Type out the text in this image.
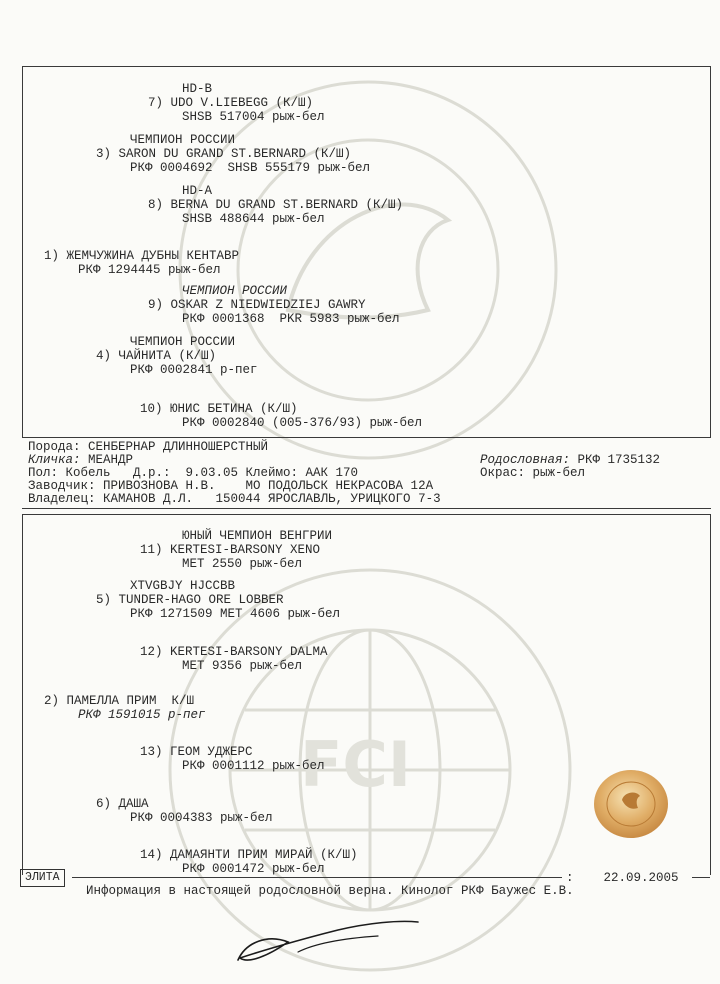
FCI
HD-B
7) UDO V.LIEBEGG (К/Ш)
SHSB 517004 рыж-бел
ЧЕМПИОН РОССИИ
3) SARON DU GRAND ST.BERNARD (К/Ш)
РКФ 0004692  SHSB 555179 рыж-бел
HD-A
8) BERNA DU GRAND ST.BERNARD (К/Ш)
SHSB 488644 рыж-бел
1) ЖЕМЧУЖИНА ДУБНЫ КЕНТАВР
РКФ 1294445 рыж-бел
ЧЕМПИОН РОССИИ
9) OSKAR Z NIEDWIEDZIEJ GAWRY
РКФ 0001368  PKR 5983 рыж-бел
ЧЕМПИОН РОССИИ
4) ЧАЙНИТА (К/Ш)
РКФ 0002841 р-пег
10) ЮНИС БЕТИНА (К/Ш)
РКФ 0002840 (005-376/93) рыж-бел
Порода: СЕНБЕРНАР ДЛИННОШЕРСТНЫЙ
Кличка: МЕАНДР	Родословная: РКФ 1735132
Пол: Кобель   Д.р.:  9.03.05 Клеймо: ААК 170	Окрас: рыж-бел
Заводчик: ПРИВОЗНОВА Н.В.    МО ПОДОЛЬСК НЕКРАСОВА 12А
Владелец: КАМАНОВ Д.Л.   150044 ЯРОСЛАВЛЬ, УРИЦКОГО 7-3
ЮНЫЙ ЧЕМПИОН ВЕНГРИИ
11) KERTESI-BARSONY XENO
MET 2550 рыж-бел
XTVGBJY HJCCBB
5) TUNDER-HAGO ORE LOBBER
РКФ 1271509 MET 4606 рыж-бел
12) KERTESI-BARSONY DALMA
MET 9356 рыж-бел
2) ПАМЕЛЛА ПРИМ  К/Ш
РКФ 1591015 р-пег
13) ГЕОМ УДЖЕРС
РКФ 0001112 рыж-бел
6) ДАША
РКФ 0004383 рыж-бел
14) ДАМАЯНТИ ПРИМ МИРАЙ (К/Ш)
РКФ 0001472 рыж-бел
ЭЛИТА	:    22.09.2005
Информация в настоящей родословной верна. Кинолог РКФ Баужес Е.В.
